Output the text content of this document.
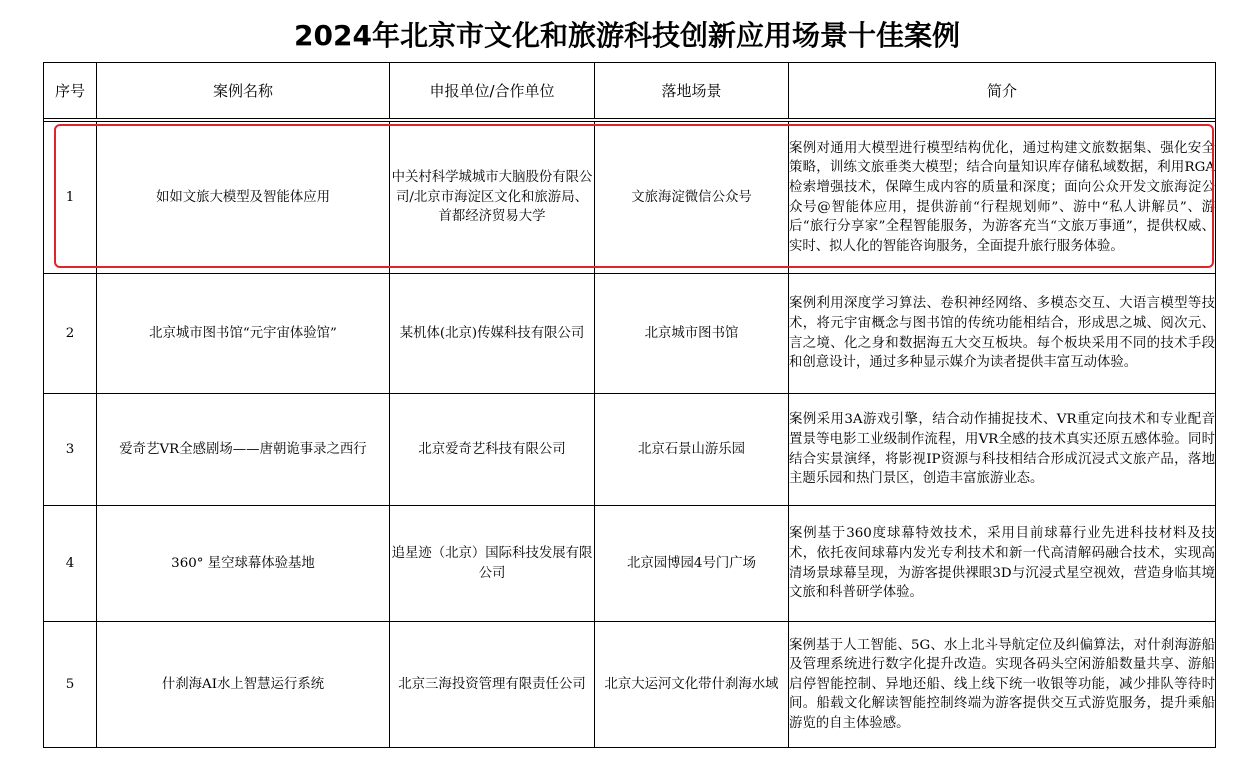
2024年北京市文化和旅游科技创新应用场景十佳案例
序号	案例名称	申报单位/合作单位	落地场景	简介

1	如如文旅大模型及智能体应用	中关村科学城城市大脑股份有限公司/北京市海淀区文化和旅游局、首都经济贸易大学	文旅海淀微信公众号	案例对通用大模型进行模型结构优化，通过构建文旅数据集、强化安全策略，训练文旅垂类大模型；结合向量知识库存储私域数据，利用RGA检索增强技术，保障生成内容的质量和深度；面向公众开发文旅海淀公众号@智能体应用，提供游前“行程规划师”、游中“私人讲解员”、游后“旅行分享家”全程智能服务，为游客充当“文旅万事通”，提供权威、实时、拟人化的智能咨询服务，全面提升旅行服务体验。
2	北京城市图书馆“元宇宙体验馆”	某机体(北京)传媒科技有限公司	北京城市图书馆	案例利用深度学习算法、卷积神经网络、多模态交互、大语言模型等技术，将元宇宙概念与图书馆的传统功能相结合，形成思之城、阅次元、言之境、化之身和数据海五大交互板块。每个板块采用不同的技术手段和创意设计，通过多种显示媒介为读者提供丰富互动体验。
3	爱奇艺VR全感剧场——唐朝诡事录之西行	北京爱奇艺科技有限公司	北京石景山游乐园	案例采用3A游戏引擎，结合动作捕捉技术、VR重定向技术和专业配音置景等电影工业级制作流程，用VR全感的技术真实还原五感体验。同时结合实景演绎，将影视IP资源与科技相结合形成沉浸式文旅产品，落地主题乐园和热门景区，创造丰富旅游业态。
4	360° 星空球幕体验基地	追星迹（北京）国际科技发展有限公司	北京园博园4号门广场	案例基于360度球幕特效技术，采用目前球幕行业先进科技材料及技术，依托夜间球幕内发光专利技术和新一代高清解码融合技术，实现高清场景球幕呈现，为游客提供裸眼3D与沉浸式星空视效，营造身临其境文旅和科普研学体验。
5	什刹海AI水上智慧运行系统	北京三海投资管理有限责任公司	北京大运河文化带什刹海水域	案例基于人工智能、5G、水上北斗导航定位及纠偏算法，对什刹海游船及管理系统进行数字化提升改造。实现各码头空闲游船数量共享、游船启停智能控制、异地还船、线上线下统一收银等功能，减少排队等待时间。船载文化解读智能控制终端为游客提供交互式游览服务，提升乘船游览的自主体验感。
